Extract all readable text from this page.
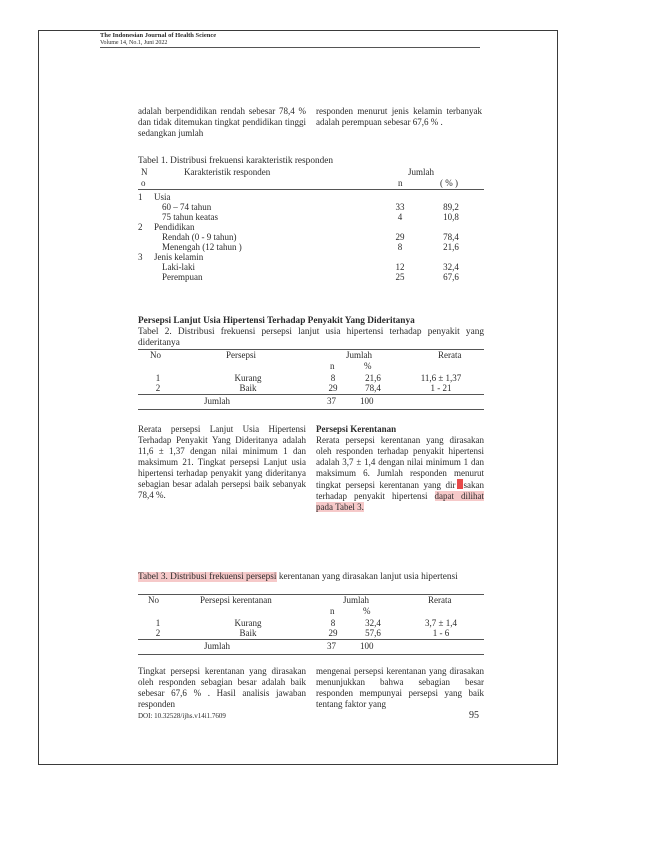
The Indonesian Journal of Health Science
Volume 14, No.1, Juni 2022

adalah berpendidikan rendah sebesar 78,4 % dan tidak ditemukan tingkat pendidikan tinggi sedangkan jumlah

responden menurut jenis kelamin terbanyak adalah perempuan sebesar 67,6 % .

Tabel 1. Distribusi frekuensi karakteristik responden
N
o
Karakteristik responden	Jumlah
n	( % )
1	Usia		
	60 – 74 tahun	33	89,2
	75 tahun keatas	4	10,8
2	Pendidikan		
	Rendah (0 - 9 tahun)	29	78,4
	Menengah (12 tahun )	8	21,6
3	Jenis kelamin		
	Laki-laki	12	32,4
	Perempuan	25	67,6
Persepsi Lanjut Usia Hipertensi Terhadap Penyakit Yang Dideritanya
Tabel 2. Distribusi frekuensi persepsi lanjut usia hipertensi terhadap penyakit yang dideritanya
No	Persepsi	Jumlah	Rerata
n	%
1	Kurang	8	21,6	11,6 ± 1,37
2	Baik	29	78,4	1 - 21
Jumlah	37	100

Rerata persepsi Lanjut Usia Hipertensi Terhadap Penyakit Yang Dideritanya adalah 11,6 ± 1,37 dengan nilai minimum 1 dan maksimum 21. Tingkat persepsi Lanjut usia hipertensi terhadap penyakit yang dideritanya sebagian besar adalah persepsi baik sebanyak 78,4 %.

Persepsi Kerentanan

Rerata persepsi kerentanan yang dirasakan oleh responden terhadap penyakit hipertensi adalah 3,7 ± 1,4 dengan nilai minimum 1 dan maksimum 6. Jumlah responden menurut tingkat persepsi kerentanan yang dir sakan terhadap penyakit hipertensi dapat dilihat pada Tabel 3.

Tabel 3. Distribusi frekuensi persepsi kerentanan yang dirasakan lanjut usia hipertensi
No	Persepsi kerentanan	Jumlah	Rerata
n	%
1	Kurang	8	32,4	3,7 ± 1,4
2	Baik	29	57,6	1 - 6
Jumlah	37	100

Tingkat persepsi kerentanan yang dirasakan oleh responden sebagian besar adalah baik sebesar 67,6 % . Hasil analisis jawaban responden

mengenai persepsi kerentanan yang dirasakan menunjukkan bahwa sebagian besar responden mempunyai persepsi yang baik tentang faktor yang

DOI: 10.32528/ijhs.v14i1.7609	95
